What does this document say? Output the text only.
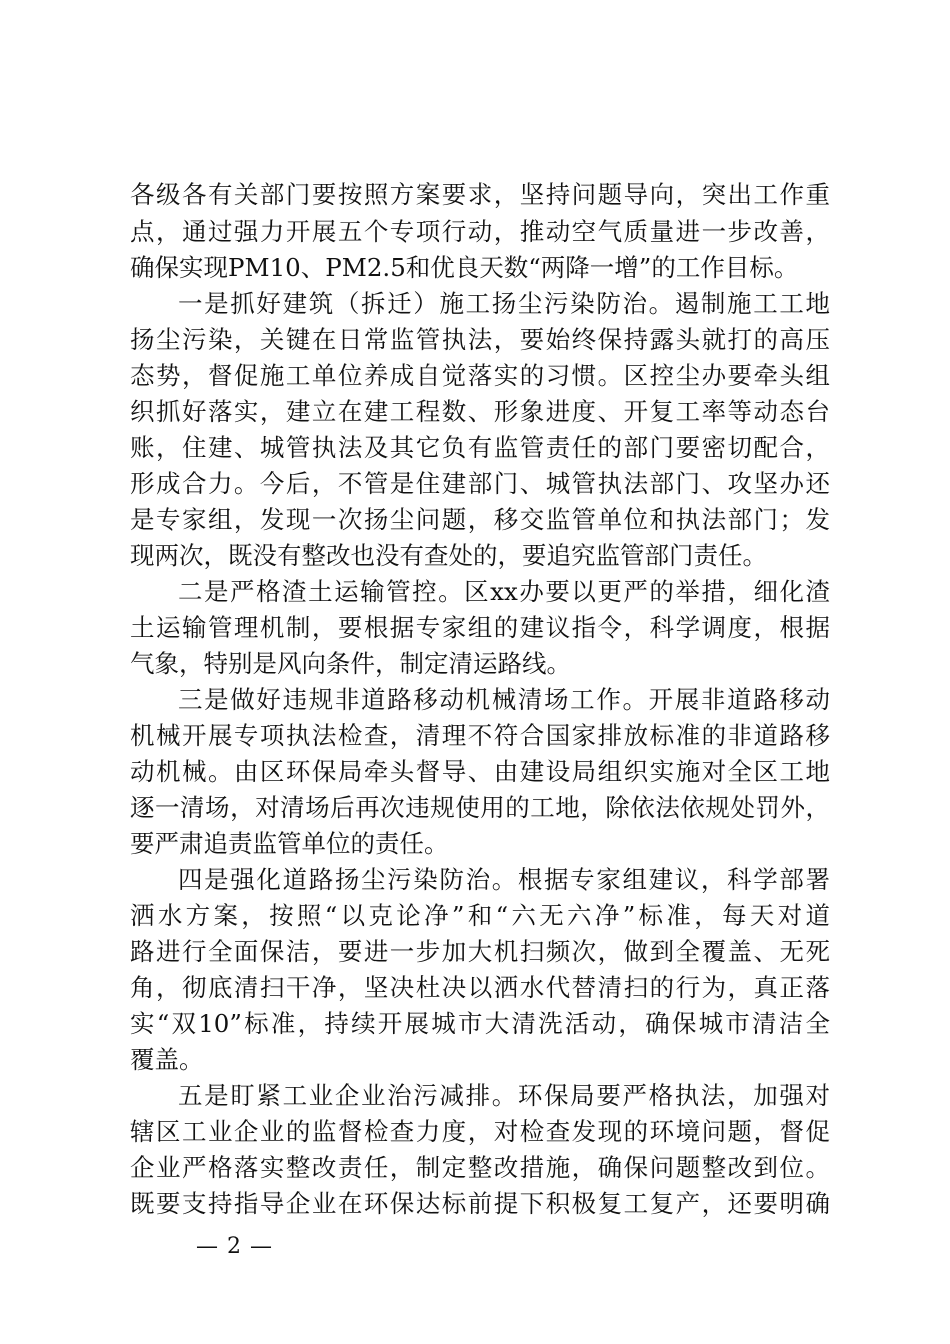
各级各有关部门要按照方案要求，坚持问题导向，突出工作重
点，通过强力开展五个专项行动，推动空气质量进一步改善，
确保实现PM10、PM2.5和优良天数“两降一增”的工作目标。
一是抓好建筑（拆迁）施工扬尘污染防治。遏制施工工地
扬尘污染，关键在日常监管执法，要始终保持露头就打的高压
态势，督促施工单位养成自觉落实的习惯。区控尘办要牵头组
织抓好落实，建立在建工程数、形象进度、开复工率等动态台
账，住建、城管执法及其它负有监管责任的部门要密切配合，
形成合力。今后，不管是住建部门、城管执法部门、攻坚办还
是专家组，发现一次扬尘问题，移交监管单位和执法部门；发
现两次，既没有整改也没有查处的，要追究监管部门责任。
二是严格渣土运输管控。区xx办要以更严的举措，细化渣
土运输管理机制，要根据专家组的建议指令，科学调度，根据
气象，特别是风向条件，制定清运路线。
三是做好违规非道路移动机械清场工作。开展非道路移动
机械开展专项执法检查，清理不符合国家排放标准的非道路移
动机械。由区环保局牵头督导、由建设局组织实施对全区工地
逐一清场，对清场后再次违规使用的工地，除依法依规处罚外，
要严肃追责监管单位的责任。
四是强化道路扬尘污染防治。根据专家组建议，科学部署
洒水方案，按照“以克论净”和“六无六净”标准，每天对道
路进行全面保洁，要进一步加大机扫频次，做到全覆盖、无死
角，彻底清扫干净，坚决杜决以洒水代替清扫的行为，真正落
实“双10”标准，持续开展城市大清洗活动，确保城市清洁全
覆盖。
五是盯紧工业企业治污减排。环保局要严格执法，加强对
辖区工业企业的监督检查力度，对检查发现的环境问题，督促
企业严格落实整改责任，制定整改措施，确保问题整改到位。
既要支持指导企业在环保达标前提下积极复工复产，还要明确
— 2 —
